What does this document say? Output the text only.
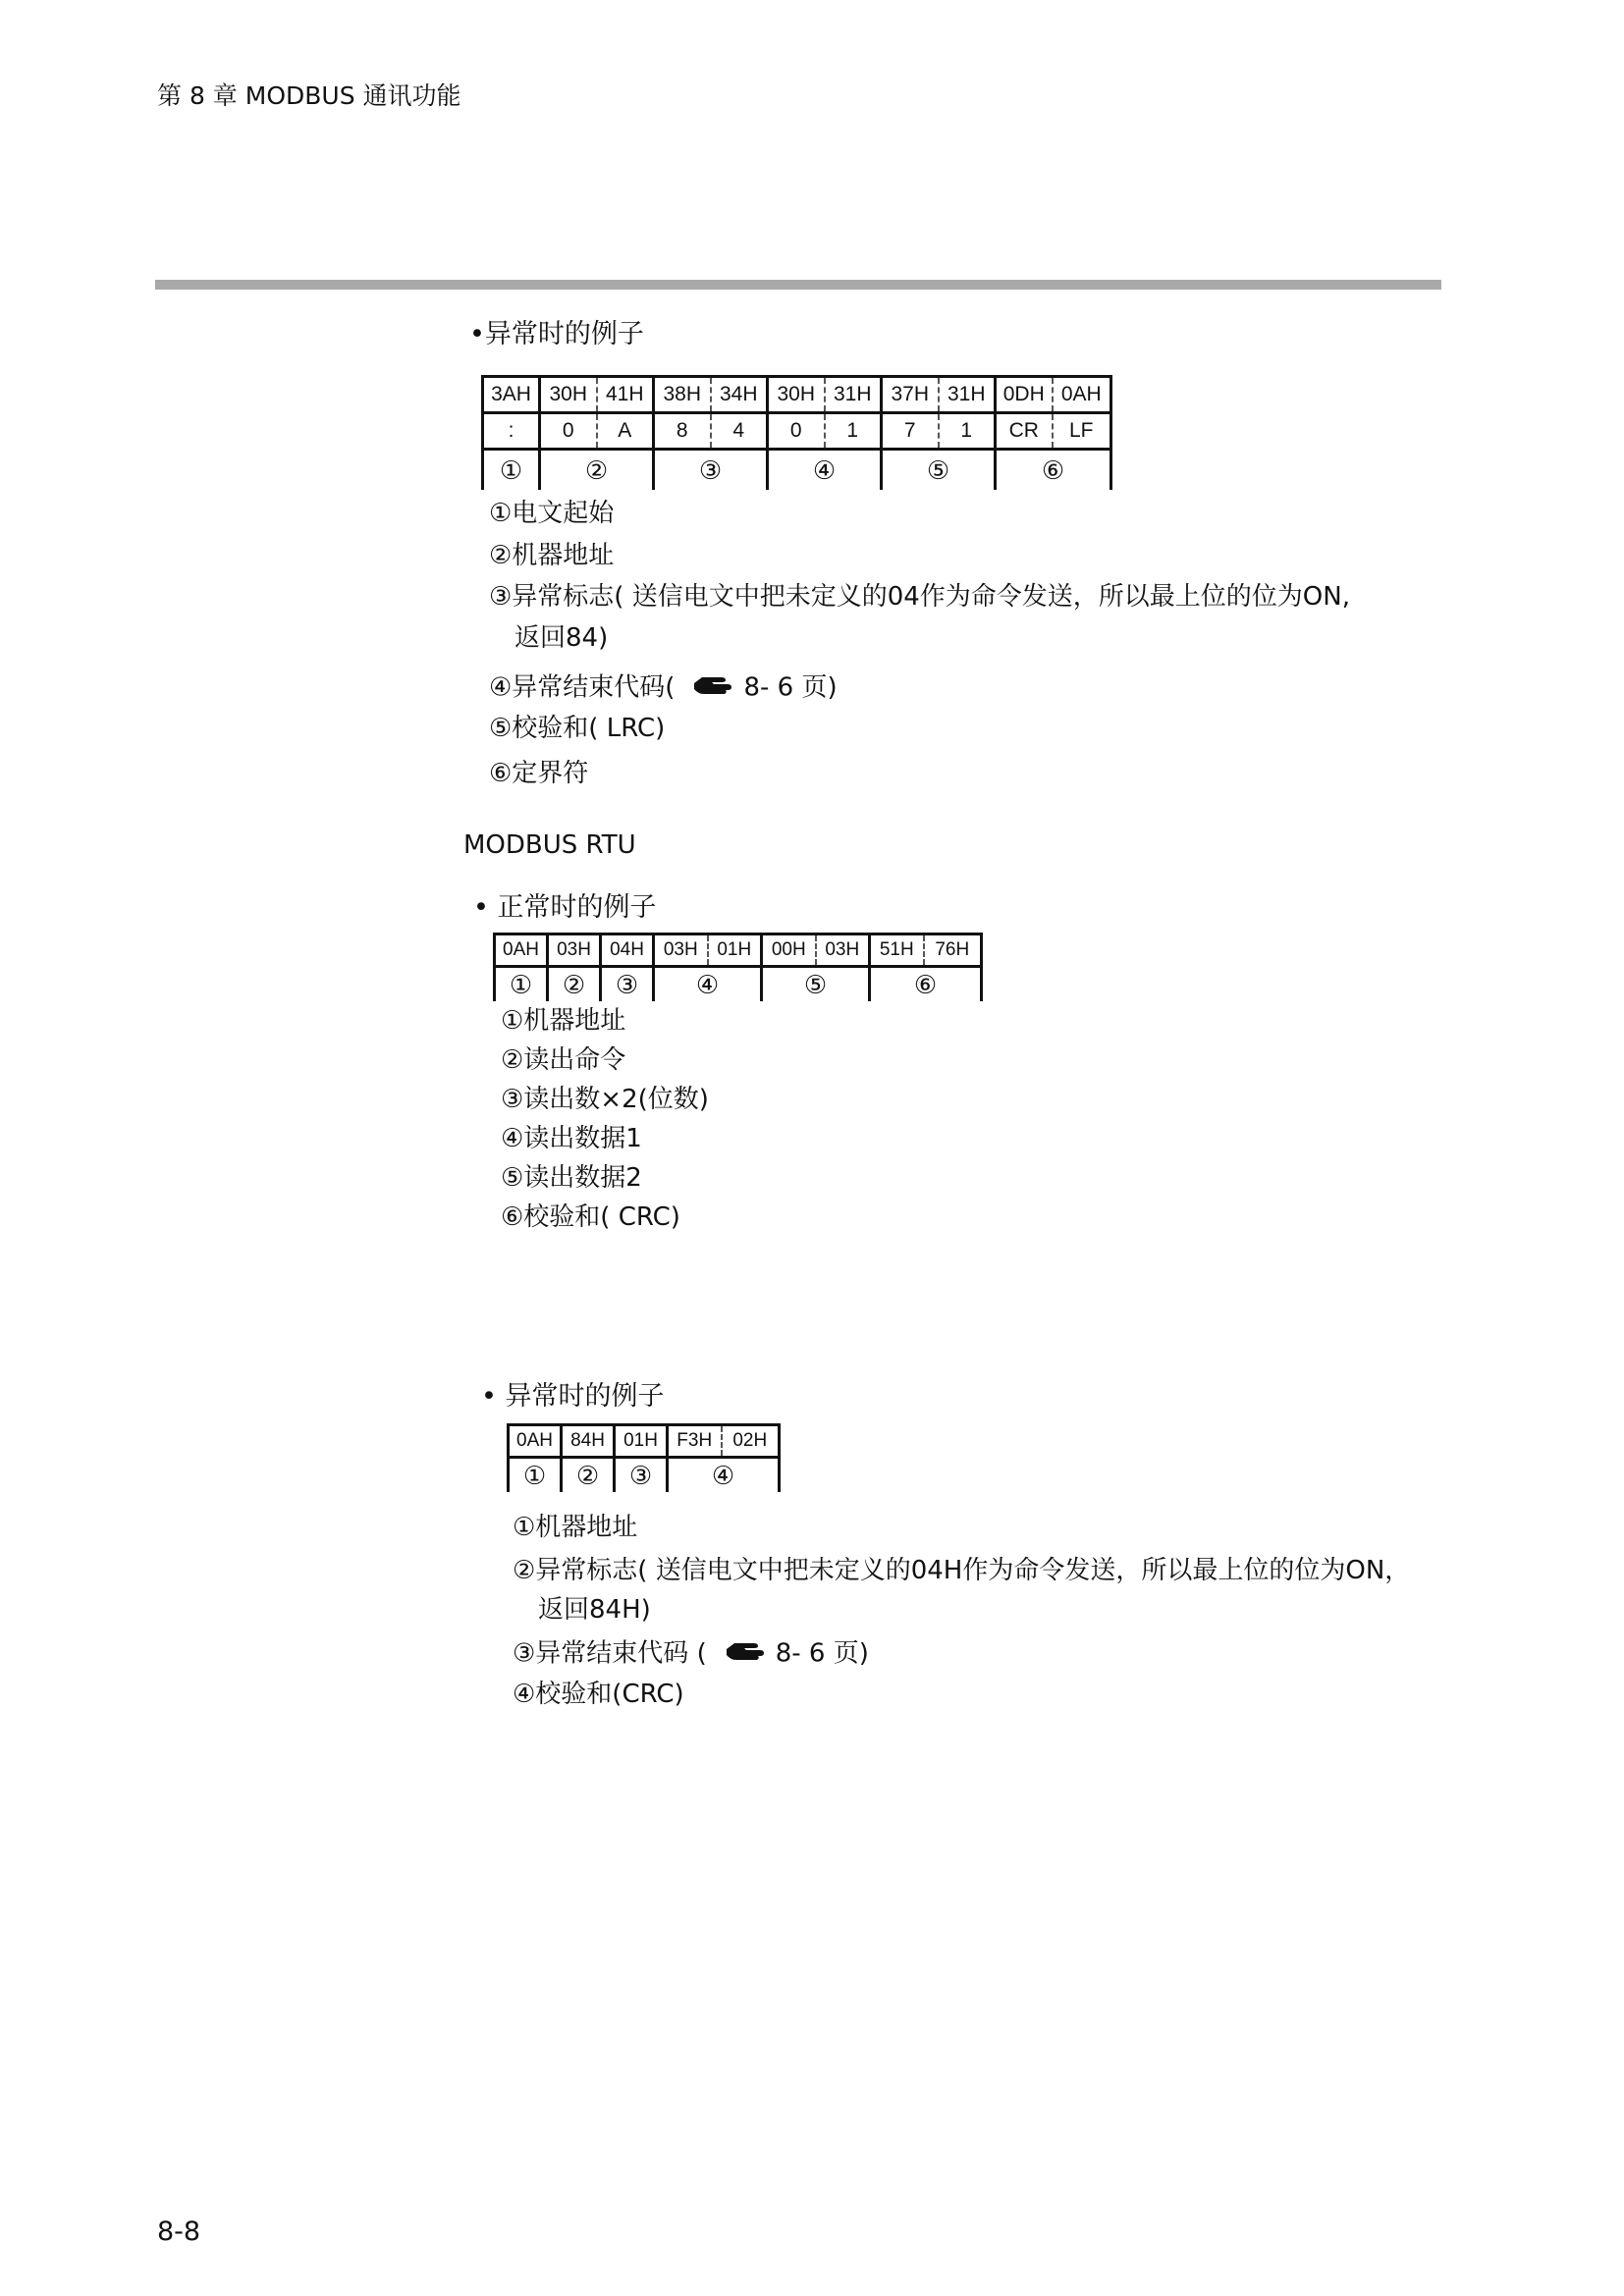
第 8 章 MODBUS 通讯功能
•异常时的例子
3AH	30H	41H	38H	34H	30H	31H	37H	31H	0DH	0AH
:	0	A	8	4	0	1	7	1	CR	LF
①	②		③		④		⑤		⑥	
①电文起始
②机器地址
③异常标志( 送信电文中把未定义的04作为命令发送，所以最上位的位为ON,
返回84)
④异常结束代码(	8- 6 页)
⑤校验和( LRC)
⑥定界符
MODBUS RTU
• 正常时的例子
0AH	03H	04H	03H	01H	00H	03H	51H	76H
①	②	③	④		⑤		⑥	
①机器地址
②读出命令
③读出数×2(位数)
④读出数据1
⑤读出数据2
⑥校验和( CRC)
• 异常时的例子
0AH	84H	01H	F3H	02H
①	②	③	④	
①机器地址
②异常标志( 送信电文中把未定义的04H作为命令发送，所以最上位的位为ON，
返回84H)
③异常结束代码 (	8- 6 页)
④校验和(CRC)
8-8
